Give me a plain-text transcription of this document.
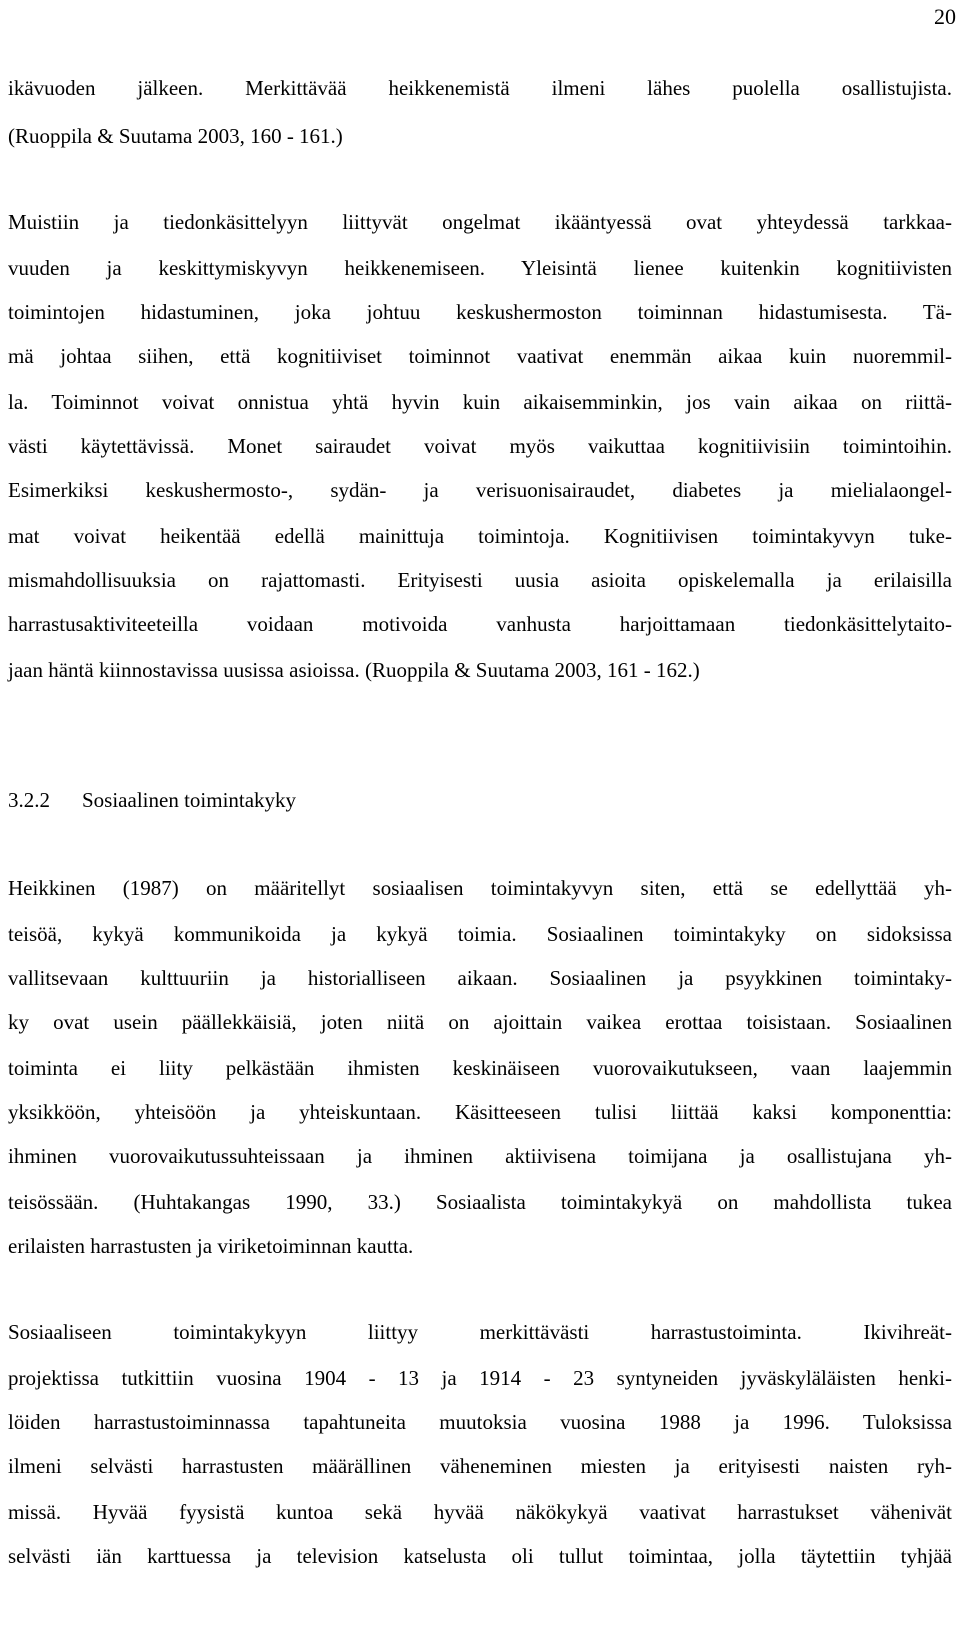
20
ikävuoden jälkeen. Merkittävää heikkenemistä ilmeni lähes puolella osallistujista.
(Ruoppila & Suutama 2003, 160 - 161.)
Muistiin ja tiedonkäsittelyyn liittyvät ongelmat ikääntyessä ovat yhteydessä tarkkaa-
vuuden ja keskittymiskyvyn heikkenemiseen. Yleisintä lienee kuitenkin kognitiivisten
toimintojen hidastuminen, joka johtuu keskushermoston toiminnan hidastumisesta. Tä-
mä johtaa siihen, että kognitiiviset toiminnot vaativat enemmän aikaa kuin nuoremmil-
la. Toiminnot voivat onnistua yhtä hyvin kuin aikaisemminkin, jos vain aikaa on riittä-
västi käytettävissä. Monet sairaudet voivat myös vaikuttaa kognitiivisiin toimintoihin.
Esimerkiksi keskushermosto-, sydän- ja verisuonisairaudet, diabetes ja mielialaongel-
mat voivat heikentää edellä mainittuja toimintoja. Kognitiivisen toimintakyvyn tuke-
mismahdollisuuksia on rajattomasti. Erityisesti uusia asioita opiskelemalla ja erilaisilla
harrastusaktiviteeteilla voidaan motivoida vanhusta harjoittamaan tiedonkäsittelytaito-
jaan häntä kiinnostavissa uusissa asioissa. (Ruoppila & Suutama 2003, 161 - 162.)
3.2.2 Sosiaalinen toimintakyky
Heikkinen (1987) on määritellyt sosiaalisen toimintakyvyn siten, että se edellyttää yh-
teisöä, kykyä kommunikoida ja kykyä toimia. Sosiaalinen toimintakyky on sidoksissa
vallitsevaan kulttuuriin ja historialliseen aikaan. Sosiaalinen ja psyykkinen toimintaky-
ky ovat usein päällekkäisiä, joten niitä on ajoittain vaikea erottaa toisistaan. Sosiaalinen
toiminta ei liity pelkästään ihmisten keskinäiseen vuorovaikutukseen, vaan laajemmin
yksikköön, yhteisöön ja yhteiskuntaan. Käsitteeseen tulisi liittää kaksi komponenttia:
ihminen vuorovaikutussuhteissaan ja ihminen aktiivisena toimijana ja osallistujana yh-
teisössään. (Huhtakangas 1990, 33.) Sosiaalista toimintakykyä on mahdollista tukea
erilaisten harrastusten ja viriketoiminnan kautta.
Sosiaaliseen toimintakykyyn liittyy merkittävästi harrastustoiminta. Ikivihreät-
projektissa tutkittiin vuosina 1904 - 13 ja 1914 - 23 syntyneiden jyväskyläläisten henki-
löiden harrastustoiminnassa tapahtuneita muutoksia vuosina 1988 ja 1996. Tuloksissa
ilmeni selvästi harrastusten määrällinen väheneminen miesten ja erityisesti naisten ryh-
missä. Hyvää fyysistä kuntoa sekä hyvää näkökykyä vaativat harrastukset vähenivät
selvästi iän karttuessa ja television katselusta oli tullut toimintaa, jolla täytettiin tyhjää
